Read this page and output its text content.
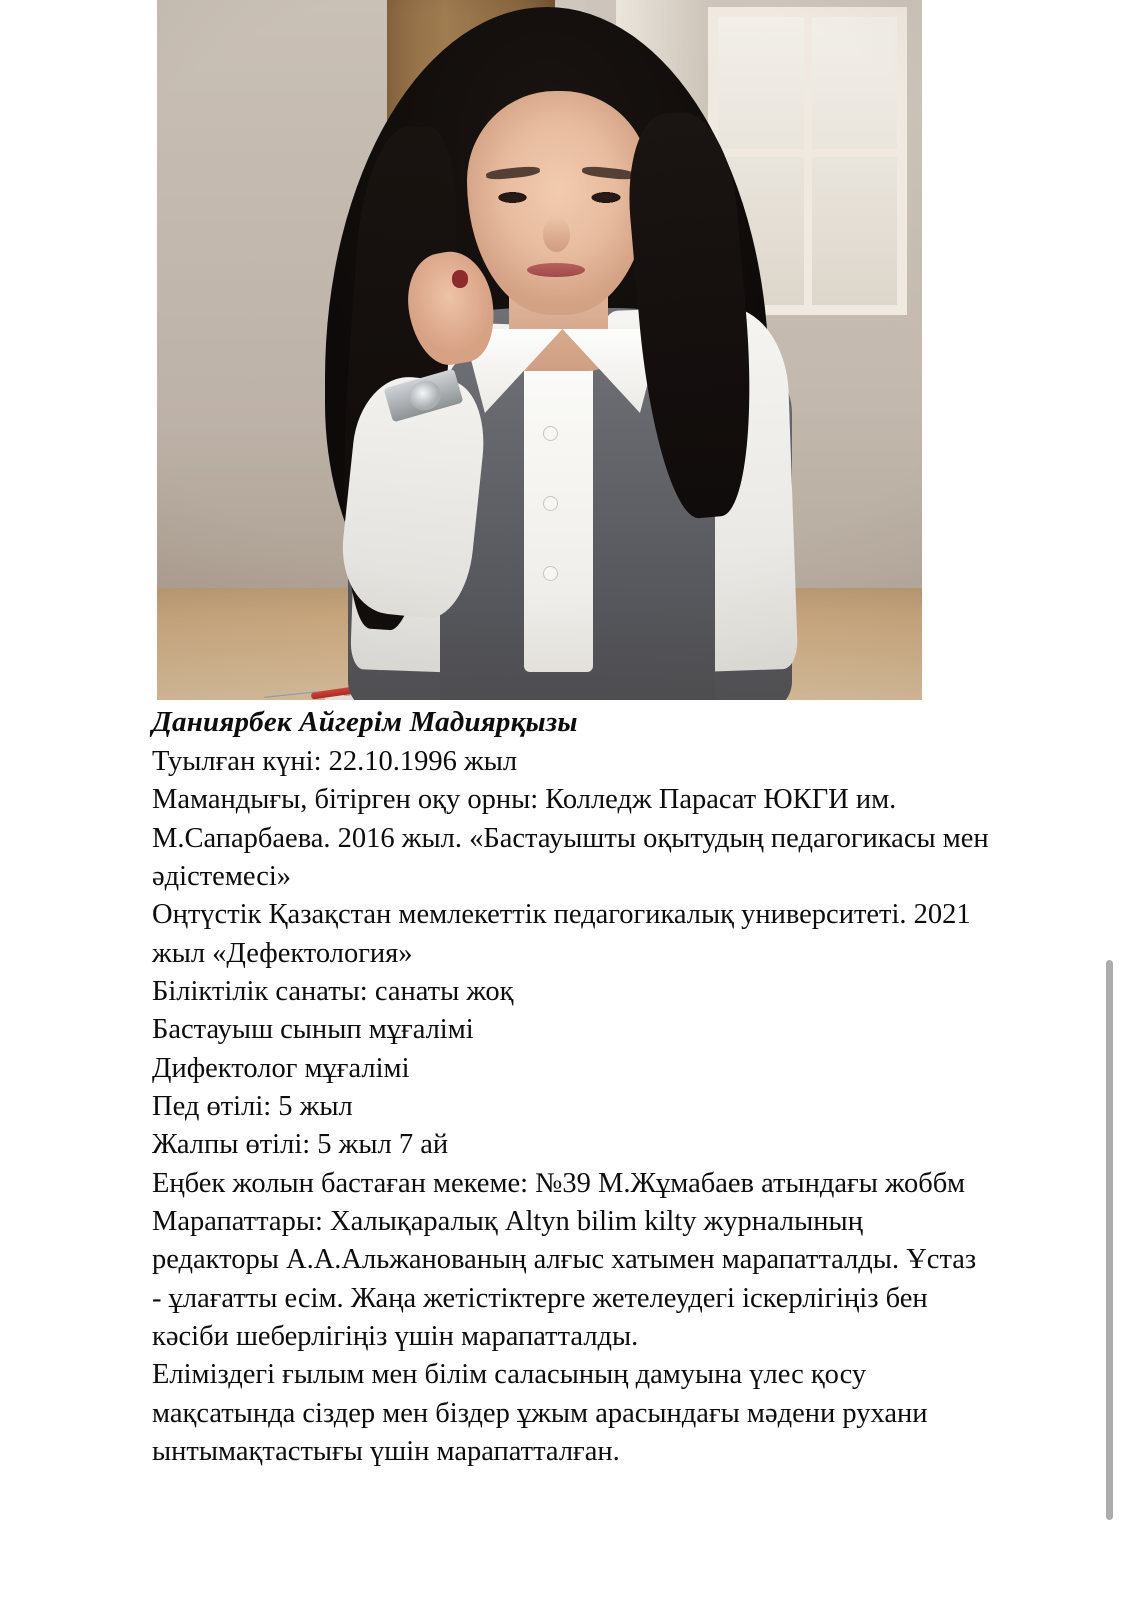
Даниярбек Айгерім Мадиярқызы

Туылған күні: 22.10.1996 жыл

Мамандығы, бітірген оқу орны: Колледж Парасат ЮКГИ им. М.Сапарбаева. 2016 жыл. «Бастауышты оқытудың педагогикасы мен әдістемесі»

Оңтүстік Қазақстан мемлекеттік педагогикалық университеті. 2021 жыл «Дефектология»

Біліктілік санаты: санаты жоқ

Бастауыш сынып мұғалімі

Дифектолог мұғалімі

Пед өтілі: 5 жыл

Жалпы өтілі: 5 жыл 7 ай

Еңбек жолын бастаған мекеме: №39 М.Жұмабаев атындағы жоббм

Марапаттары: Халықаралық Altyn bilim kilty журналының редакторы А.А.Альжанованың алғыс хатымен марапатталды. Ұстаз - ұлағатты есім. Жаңа жетістіктерге жетелеудегі іскерлігіңіз бен кәсіби шеберлігіңіз үшін марапатталды.

Еліміздегі ғылым мен білім саласының дамуына үлес қосу мақсатында сіздер мен біздер ұжым арасындағы мәдени рухани ынтымақтастығы үшін марапатталған.
